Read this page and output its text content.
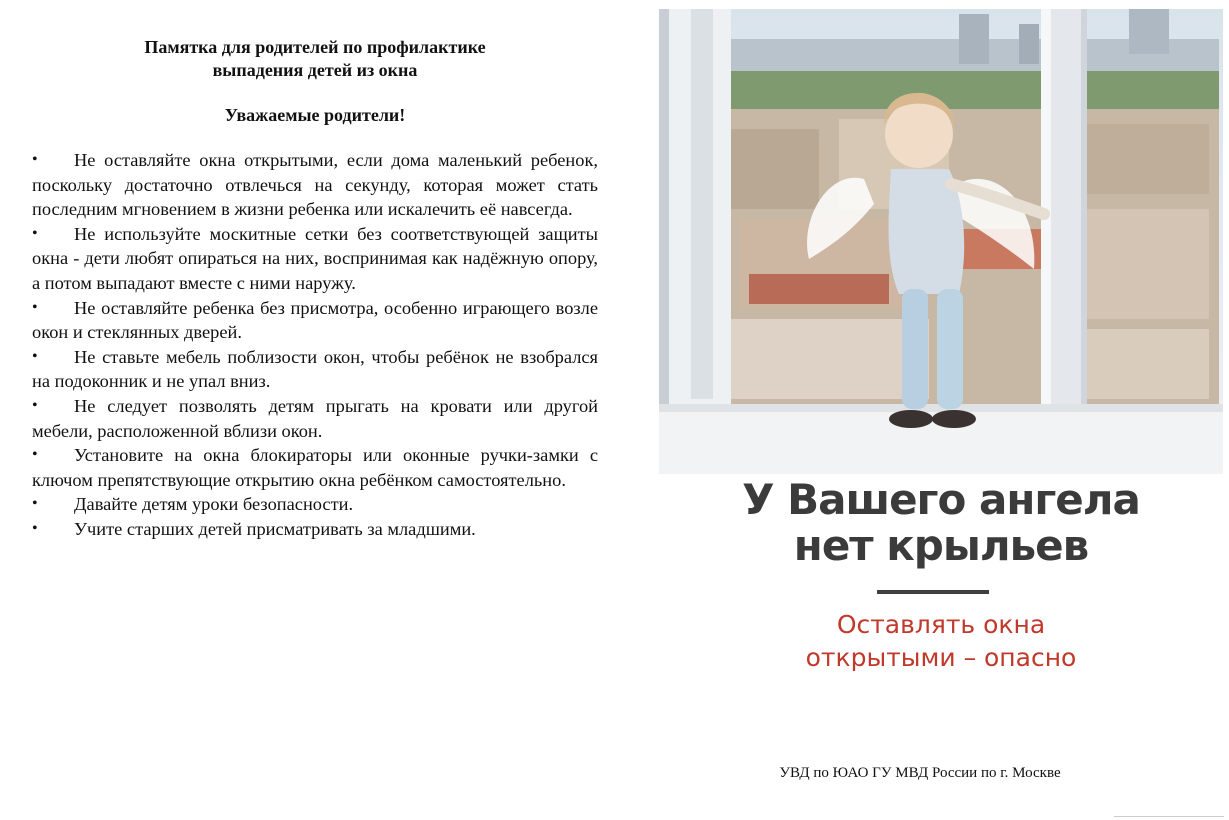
Памятка для родителей по профилактике
выпадения детей из окна
Уважаемые родители!
• Не оставляйте окна открытыми, если дома маленький ребенок, поскольку достаточно отвлечься на секунду, которая может стать последним мгновением в жизни ребенка или искалечить её навсегда.
• Не используйте москитные сетки без соответствующей защиты окна - дети любят опираться на них, воспринимая как надёжную опору, а потом выпадают вместе с ними наружу.
• Не оставляйте ребенка без присмотра, особенно играющего возле окон и стеклянных дверей.
• Не ставьте мебель поблизости окон, чтобы ребёнок не взобрался на подоконник и не упал вниз.
• Не следует позволять детям прыгать на кровати или другой мебели, расположенной вблизи окон.
• Установите на окна блокираторы или оконные ручки-замки с ключом препятствующие открытию окна ребёнком самостоятельно.
• Давайте детям уроки безопасности.
• Учите старших детей присматривать за младшими.
У Вашего ангела
нет крыльев
Оставлять окна
открытыми – опасно
УВД по ЮАО ГУ МВД России по г. Москве
